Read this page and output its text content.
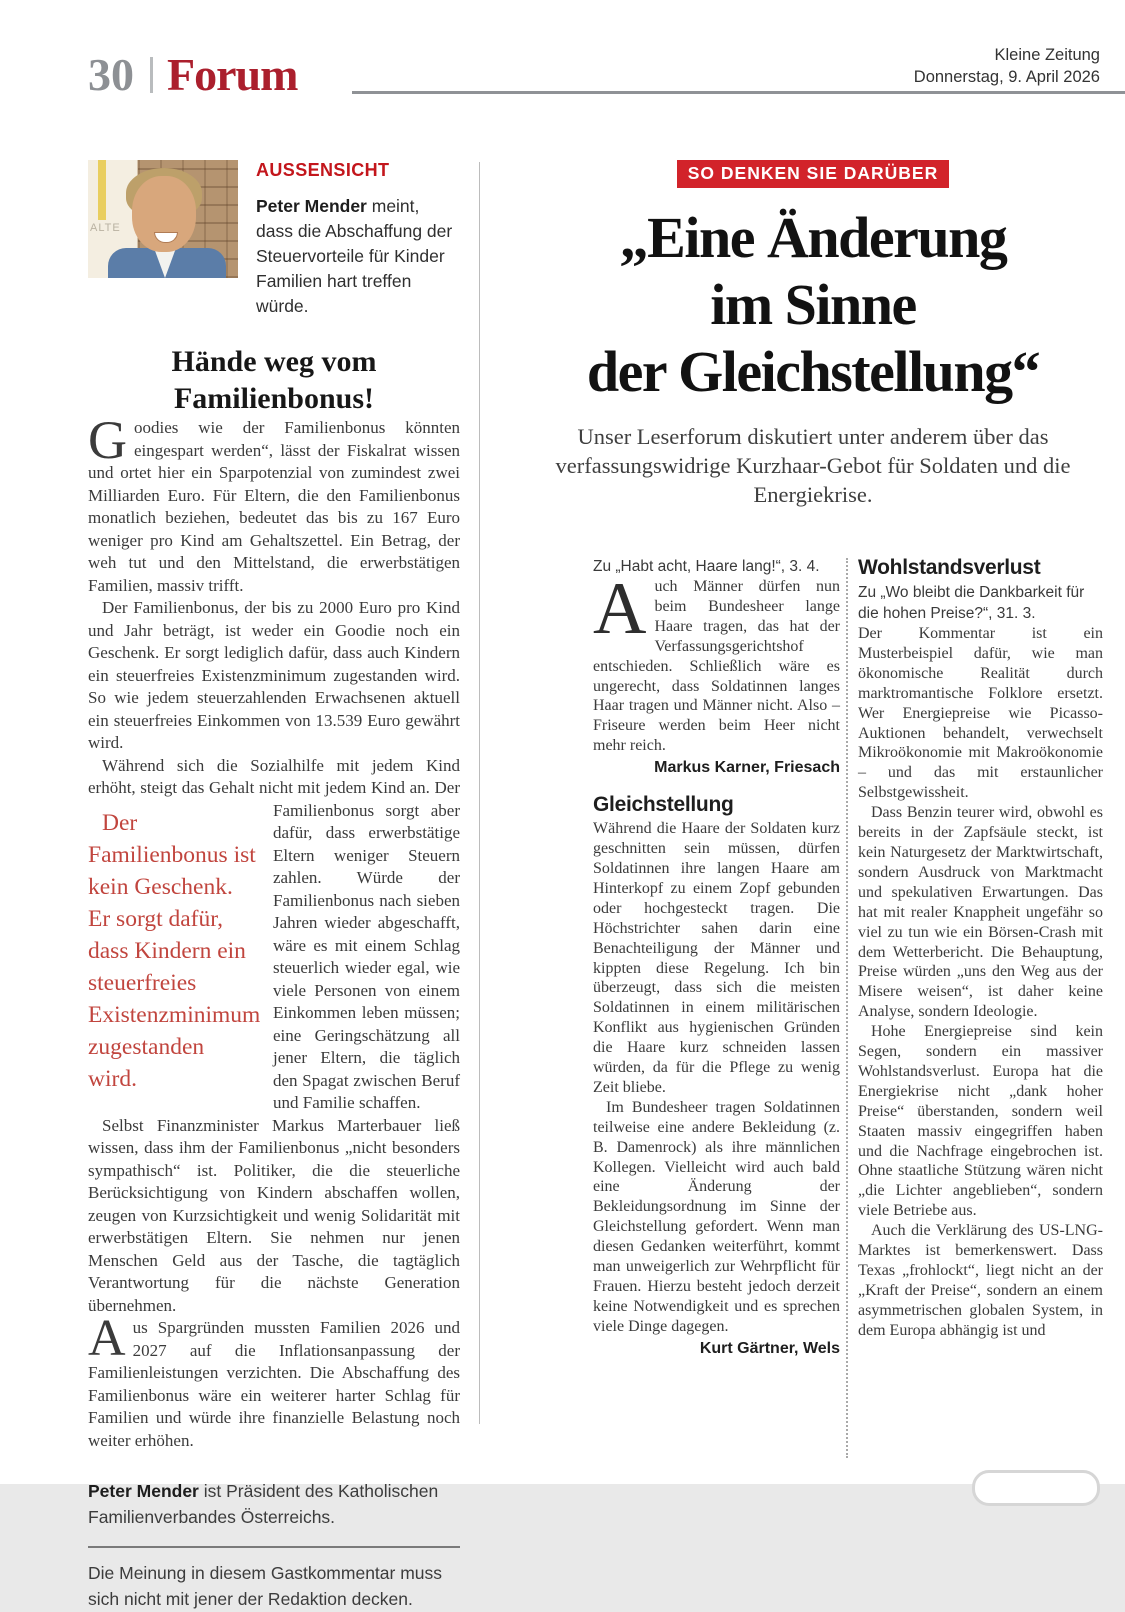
30 Forum	Kleine Zeitung
Donnerstag, 9. April 2026
ALTE
AUSSENSICHT
Peter Mender meint, dass die Abschaffung der Steuervorteile für Kinder Familien hart treffen würde.
Hände weg vom Familienbonus!

Goodies wie der Familienbonus könnten eingespart werden“, lässt der Fiskalrat wissen und ortet hier ein Sparpotenzial von zumindest zwei Milliarden Euro. Für Eltern, die den Familienbonus monatlich beziehen, bedeutet das bis zu 167 Euro weniger pro Kind am Gehaltszettel. Ein Betrag, der weh tut und den Mittelstand, die erwerbstätigen Familien, massiv trifft.

Der Familienbonus, der bis zu 2000 Euro pro Kind und Jahr beträgt, ist weder ein Goodie noch ein Geschenk. Er sorgt lediglich dafür, dass auch Kindern ein steuerfreies Existenzminimum zugestanden wird. So wie jedem steuerzahlenden Erwachsenen aktuell ein steuerfreies Einkommen von 13.539 Euro gewährt wird.

Während sich die Sozialhilfe mit jedem Kind erhöht, steigt das Gehalt nicht mit jedem Kind
Der Familienbonus ist kein Geschenk. Er sorgt dafür, dass Kindern ein steuerfreies Existenzminimum zugestanden wird.
an. Der Familienbonus sorgt aber dafür, dass erwerbstätige Eltern weniger Steuern zahlen. Würde der Familienbonus nach sieben Jahren wieder abgeschafft, wäre es mit einem Schlag steuerlich wieder egal, wie viele Personen von einem Einkommen leben müssen; eine Geringschätzung all jener Eltern, die täglich den Spagat zwischen Beruf und Familie schaffen.

Selbst Finanzminister Markus Marterbauer ließ wissen, dass ihm der Familienbonus „nicht besonders sympathisch“ ist. Politiker, die die steuerliche Berücksichtigung von Kindern abschaffen wollen, zeugen von Kurzsichtigkeit und wenig Solidarität mit erwerbstätigen Eltern. Sie nehmen nur jenen Menschen Geld aus der Tasche, die tagtäglich Verantwortung für die nächste Generation übernehmen.

Aus Spargründen mussten Familien 2026 und 2027 auf die Inflationsanpassung der Familienleistungen verzichten. Die Abschaffung des Familienbonus wäre ein weiterer harter Schlag für Familien und würde ihre finanzielle Belastung noch weiter erhöhen.

Peter Mender ist Präsident des Katholischen Familienverbandes Österreichs.

Die Meinung in diesem Gastkommentar muss sich nicht mit jener der Redaktion decken.

SO DENKEN SIE DARÜBER
„Eine Änderung
im Sinne
der Gleichstellung“

Unser Leserforum diskutiert unter anderem über das verfassungswidrige Kurzhaar-Gebot für Soldaten und die Energiekrise.

Zu „Habt acht, Haare lang!“, 3. 4.

Auch Männer dürfen nun beim Bundesheer lange Haare tragen, das hat der Verfassungsgerichtshof entschieden. Schließlich wäre es ungerecht, dass Soldatinnen langes Haar tragen und Männer nicht. Also – Friseure werden beim Heer nicht mehr reich.

Markus Karner, Friesach

Gleichstellung

Während die Haare der Soldaten kurz geschnitten sein müssen, dürfen Soldatinnen ihre langen Haare am Hinterkopf zu einem Zopf gebunden oder hochgesteckt tragen. Die Höchstrichter sahen darin eine Benachteiligung der Männer und kippten diese Regelung. Ich bin überzeugt, dass sich die meisten Soldatinnen in einem militärischen Konflikt aus hygienischen Gründen die Haare kurz schneiden lassen würden, da für die Pflege zu wenig Zeit bliebe.

Im Bundesheer tragen Soldatinnen teilweise eine andere Bekleidung (z. B. Damenrock) als ihre männlichen Kollegen. Vielleicht wird auch bald eine Änderung der Bekleidungsordnung im Sinne der Gleichstellung gefordert. Wenn man diesen Gedanken weiterführt, kommt man unweigerlich zur Wehrpflicht für Frauen. Hierzu besteht jedoch derzeit keine Notwendigkeit und es sprechen viele Dinge dagegen.

Kurt Gärtner, Wels

Wohlstandsverlust

Zu „Wo bleibt die Dankbarkeit für die hohen Preise?“, 31. 3.

Der Kommentar ist ein Musterbeispiel dafür, wie man ökonomische Realität durch marktromantische Folklore ersetzt. Wer Energiepreise wie Picasso-Auktionen behandelt, verwechselt Mikroökonomie mit Makroökonomie – und das mit erstaunlicher Selbstgewissheit.

Dass Benzin teurer wird, obwohl es bereits in der Zapfsäule steckt, ist kein Naturgesetz der Marktwirtschaft, sondern Ausdruck von Marktmacht und spekulativen Erwartungen. Das hat mit realer Knappheit ungefähr so viel zu tun wie ein Börsen-Crash mit dem Wetterbericht. Die Behauptung, Preise würden „uns den Weg aus der Misere weisen“, ist daher keine Analyse, sondern Ideologie.

Hohe Energiepreise sind kein Segen, sondern ein massiver Wohlstandsverlust. Europa hat die Energiekrise nicht „dank hoher Preise“ überstanden, sondern weil Staaten massiv eingegriffen haben und die Nachfrage eingebrochen ist. Ohne staatliche Stützung wären nicht „die Lichter angeblieben“, sondern viele Betriebe aus.

Auch die Verklärung des US-LNG-Marktes ist bemerkenswert. Dass Texas „frohlockt“, liegt nicht an der „Kraft der Preise“, sondern an einem asymmetrischen globalen System, in dem Europa abhängig ist und
